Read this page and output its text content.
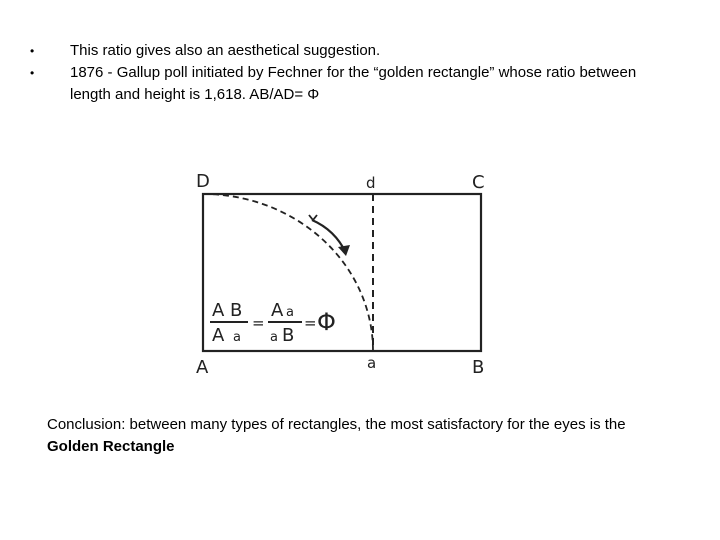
• This ratio gives also an aesthetical suggestion.
• 1876 - Gallup poll initiated by Fechner for the “golden rectangle” whose ratio between length and height is 1,618. AB/AD= Φ
D	d	C
A	a	B
A B
A a
=
A a
a B
= Φ
Conclusion: between many types of rectangles, the most satisfactory for the eyes is the Golden Rectangle
